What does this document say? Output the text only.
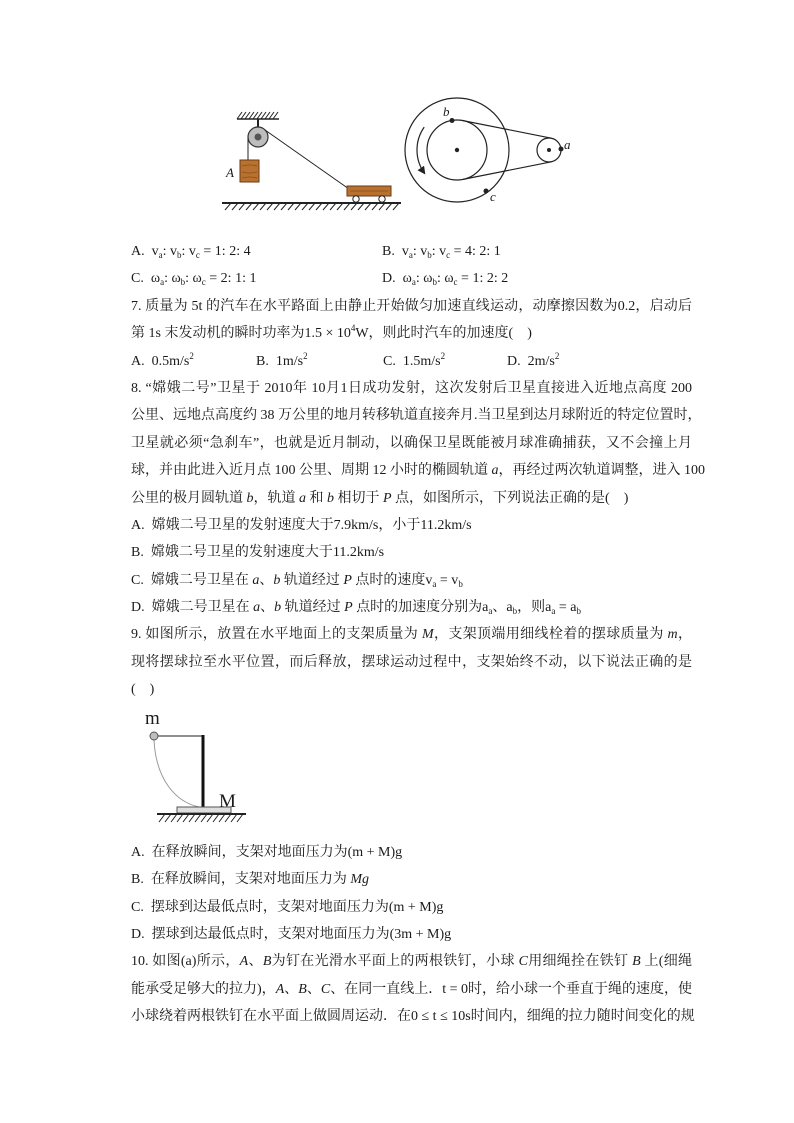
A
b
a
c

A.  $v_a$: $v_b$: $v_c = 1$: 2: 4

	B.  $v_a$: $v_b$: $v_c = 4$: 2: 1

C.  $\omega_a$: $\omega_b$: $\omega_c = 2$: 1: 1

	D.  $\omega_a$: $\omega_b$: $\omega_c = 1$: 2: 2

7. 质量为 5t 的汽车在水平路面上由静止开始做匀加速直线运动，动摩擦因数为0.2，启动后
第 1s 末发动机的瞬时功率为$1.5 \times 10^4W$，则此时汽车的加速度(    )

A.  $0.5m/s^2$

	B.  $1m/s^2$

	C.  $1.5m/s^2$

	D.  $2m/s^2$

8. “嫦娥二号”卫星于 2010年 10月1日成功发射，这次发射后卫星直接进入近地点高度 200
公里、远地点高度约 38 万公里的地月转移轨道直接奔月.当卫星到达月球附近的特定位置时，
卫星就必须“急刹车”，也就是近月制动，以确保卫星既能被月球准确捕获，又不会撞上月
球，并由此进入近月点 100 公里、周期 12 小时的椭圆轨道 a，再经过两次轨道调整，进入 100
公里的极月圆轨道 b，轨道 a 和 b 相切于 P 点，如图所示，下列说法正确的是(    )
A.  嫦娥二号卫星的发射速度大于7.9km/s，小于11.2km/s
B.  嫦娥二号卫星的发射速度大于11.2km/s
C.  嫦娥二号卫星在 a、b 轨道经过 P 点时的速度$v_a = v_b$
D.  嫦娥二号卫星在 a、b 轨道经过 P 点时的加速度分别为$a_a$、$a_b$，则$a_a = a_b$
9. 如图所示，放置在水平地面上的支架质量为 M，支架顶端用细线栓着的摆球质量为 m，
现将摆球拉至水平位置，而后释放，摆球运动过程中，支架始终不动，以下说法正确的是
(    )
m
M
A.  在释放瞬间，支架对地面压力为(m + M)g
B.  在释放瞬间，支架对地面压力为 Mg
C.  摆球到达最低点时，支架对地面压力为(m + M)g
D.  摆球到达最低点时，支架对地面压力为(3m + M)g
10. 如图(a)所示，A、B为钉在光滑水平面上的两根铁钉，小球 C用细绳拴在铁钉 B 上(细绳
能承受足够大的拉力)，A、B、C、在同一直线上．t = 0时，给小球一个垂直于绳的速度，使
小球绕着两根铁钉在水平面上做圆周运动．在0 ≤ t ≤ 10s时间内，细绳的拉力随时间变化的规
